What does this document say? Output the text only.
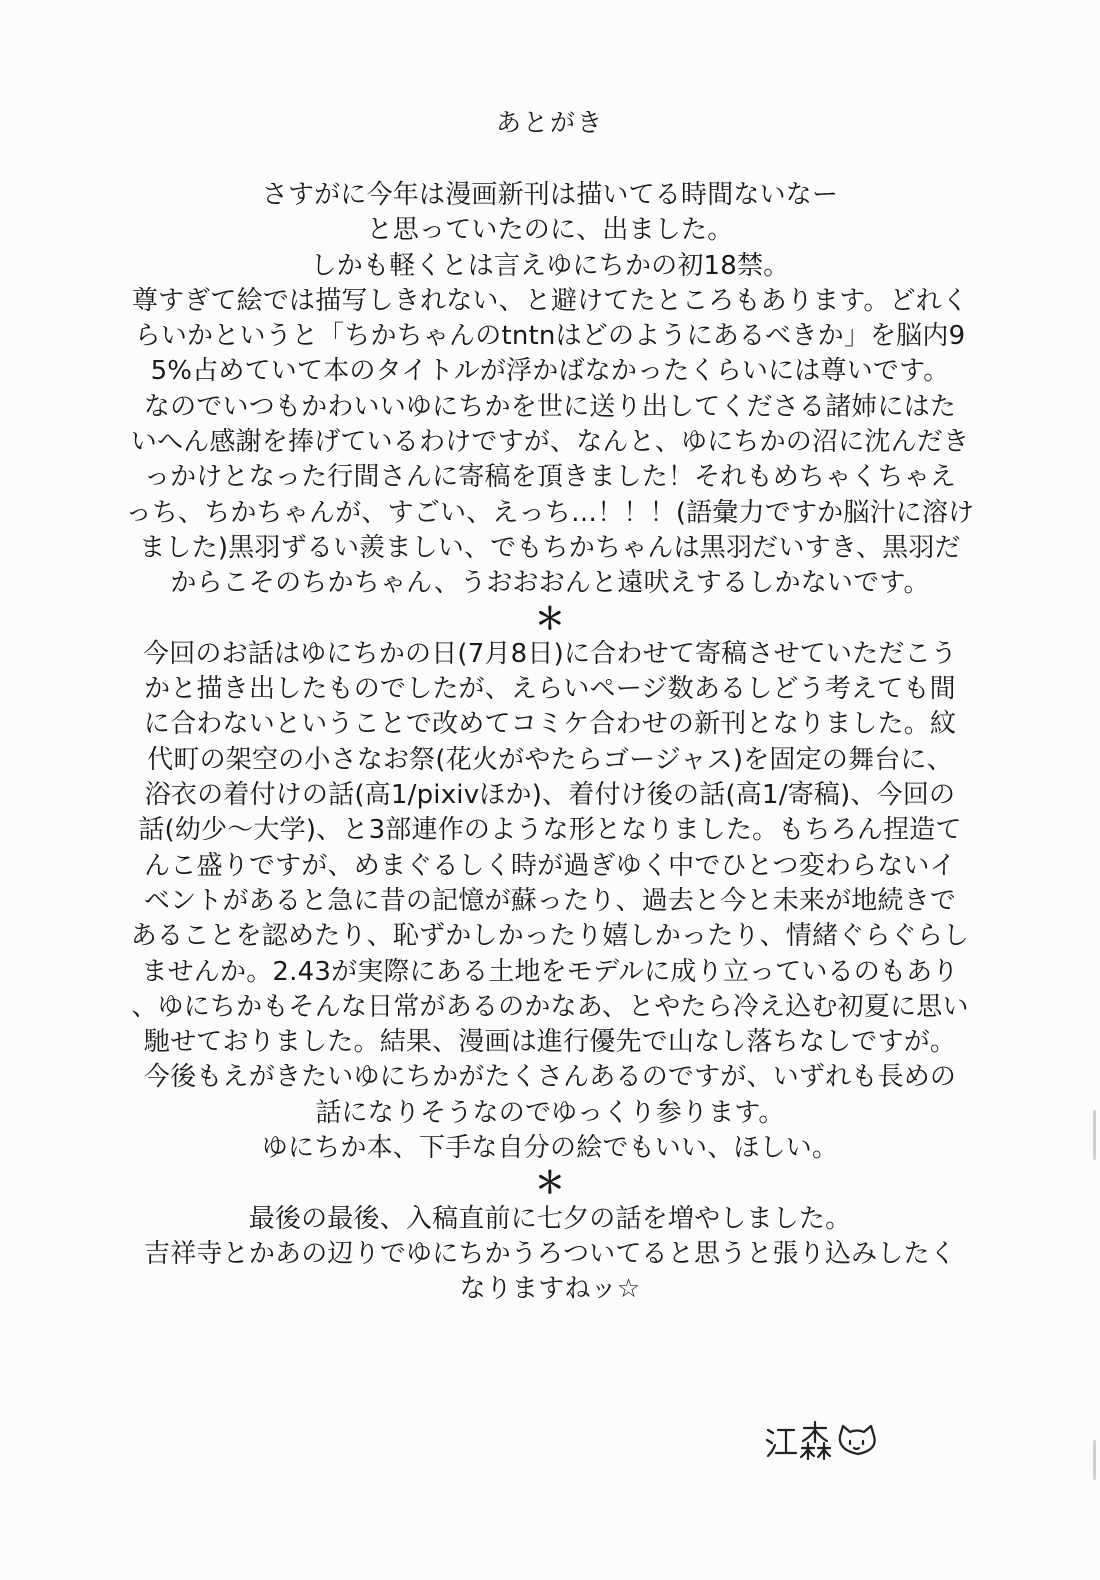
あとがき
さすがに今年は漫画新刊は描いてる時間ないなー
と思っていたのに、出ました。
しかも軽くとは言えゆにちかの初18禁。
尊すぎて絵では描写しきれない、と避けてたところもあります。どれく
らいかというと「ちかちゃんのtntnはどのようにあるべきか」を脳内9
5%占めていて本のタイトルが浮かばなかったくらいには尊いです。
なのでいつもかわいいゆにちかを世に送り出してくださる諸姉にはた
いへん感謝を捧げているわけですが、なんと、ゆにちかの沼に沈んだき
っかけとなった行間さんに寄稿を頂きました！それもめちゃくちゃえ
っち、ちかちゃんが、すごい、えっち…！！！(語彙力ですか脳汁に溶け
ました)黒羽ずるい羨ましい、でもちかちゃんは黒羽だいすき、黒羽だ
からこそのちかちゃん、うおおおんと遠吠えするしかないです。
＊
今回のお話はゆにちかの日(7月8日)に合わせて寄稿させていただこう
かと描き出したものでしたが、えらいページ数あるしどう考えても間
に合わないということで改めてコミケ合わせの新刊となりました。紋
代町の架空の小さなお祭(花火がやたらゴージャス)を固定の舞台に、
浴衣の着付けの話(高1/pixivほか)、着付け後の話(高1/寄稿)、今回の
話(幼少〜大学)、と3部連作のような形となりました。もちろん捏造て
んこ盛りですが、めまぐるしく時が過ぎゆく中でひとつ変わらないイ
ベントがあると急に昔の記憶が蘇ったり、過去と今と未来が地続きで
あることを認めたり、恥ずかしかったり嬉しかったり、情緒ぐらぐらし
ませんか。2.43が実際にある土地をモデルに成り立っているのもあり
、ゆにちかもそんな日常があるのかなあ、とやたら冷え込む初夏に思い
馳せておりました。結果、漫画は進行優先で山なし落ちなしですが。
今後もえがきたいゆにちかがたくさんあるのですが、いずれも長めの
話になりそうなのでゆっくり参ります。
ゆにちか本、下手な自分の絵でもいい、ほしい。
＊
最後の最後、入稿直前に七夕の話を増やしました。
吉祥寺とかあの辺りでゆにちかうろついてると思うと張り込みしたく
なりますねッ☆
